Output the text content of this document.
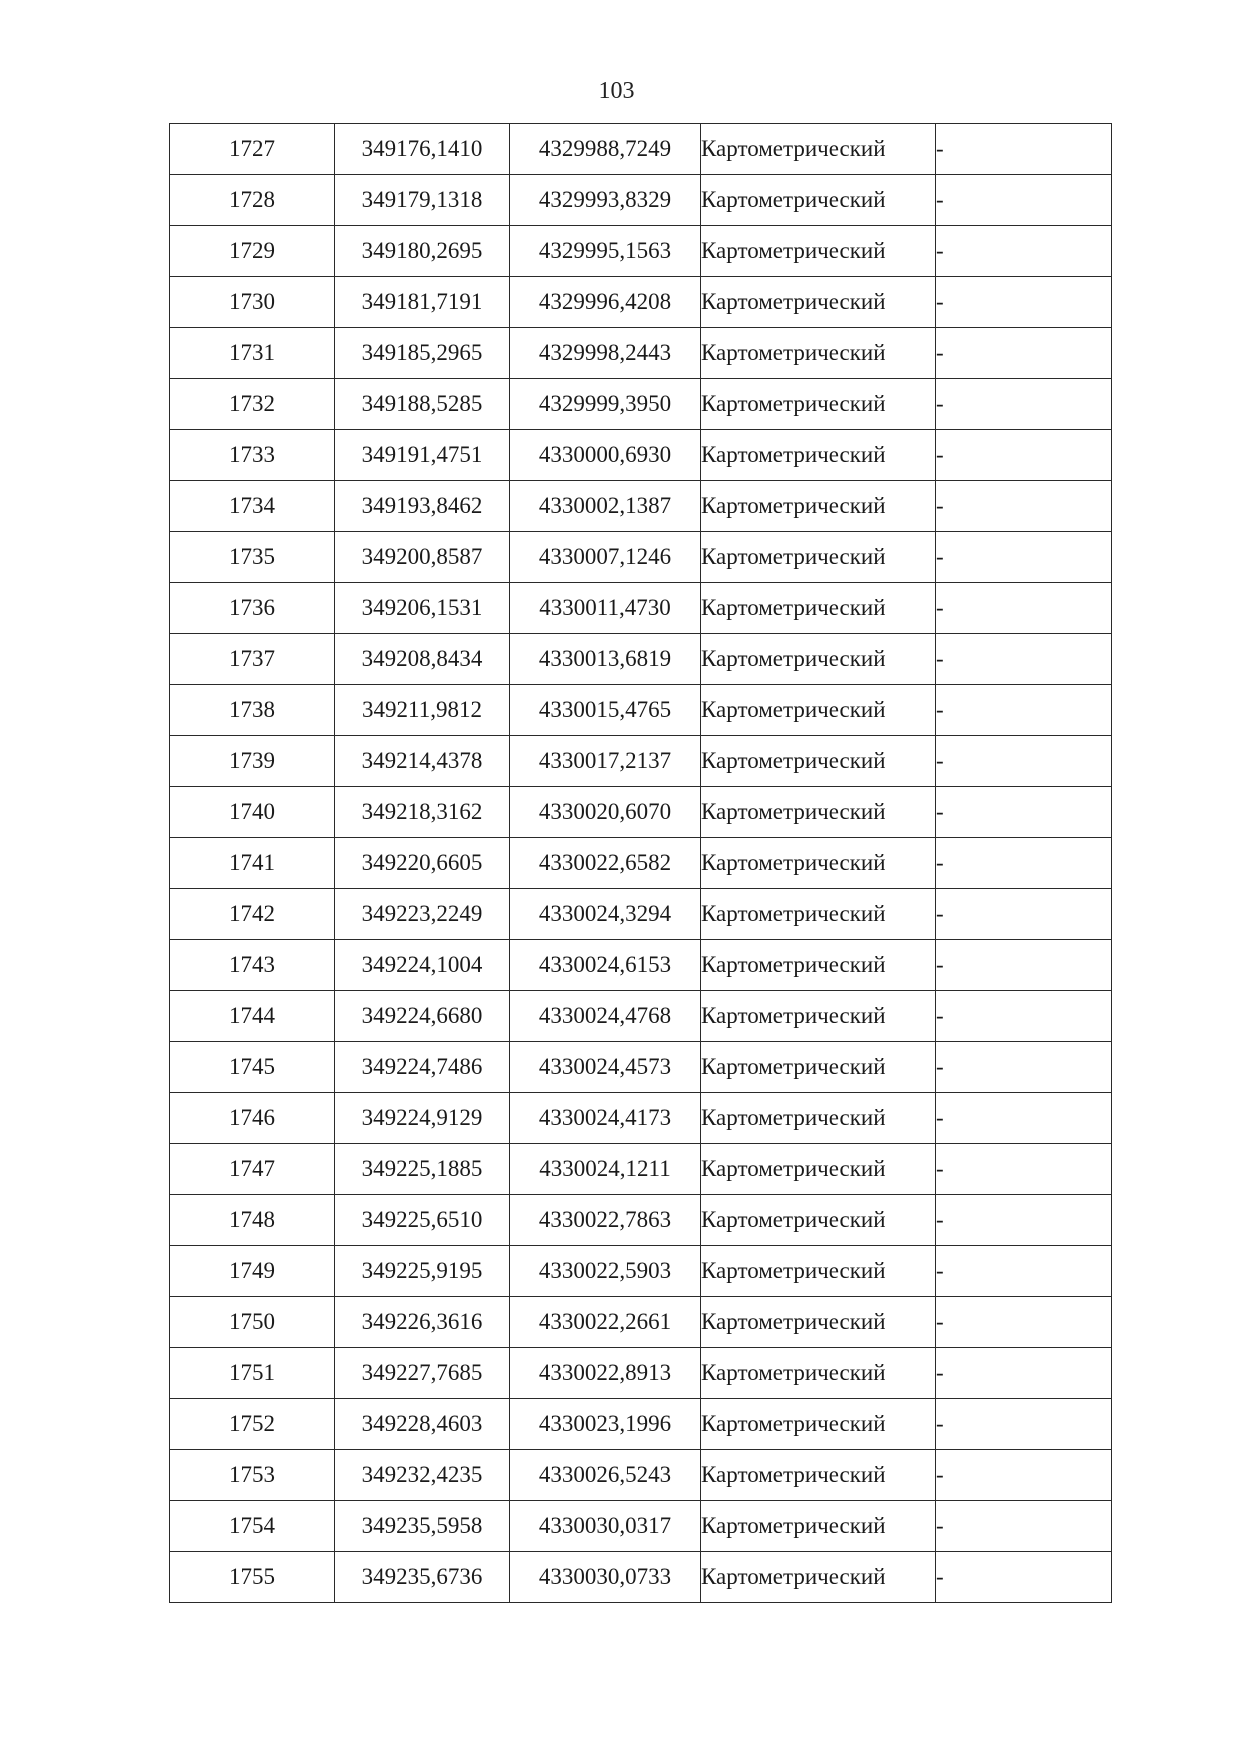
103
1727	349176,1410	4329988,7249	Картометрический	-
1728	349179,1318	4329993,8329	Картометрический	-
1729	349180,2695	4329995,1563	Картометрический	-
1730	349181,7191	4329996,4208	Картометрический	-
1731	349185,2965	4329998,2443	Картометрический	-
1732	349188,5285	4329999,3950	Картометрический	-
1733	349191,4751	4330000,6930	Картометрический	-
1734	349193,8462	4330002,1387	Картометрический	-
1735	349200,8587	4330007,1246	Картометрический	-
1736	349206,1531	4330011,4730	Картометрический	-
1737	349208,8434	4330013,6819	Картометрический	-
1738	349211,9812	4330015,4765	Картометрический	-
1739	349214,4378	4330017,2137	Картометрический	-
1740	349218,3162	4330020,6070	Картометрический	-
1741	349220,6605	4330022,6582	Картометрический	-
1742	349223,2249	4330024,3294	Картометрический	-
1743	349224,1004	4330024,6153	Картометрический	-
1744	349224,6680	4330024,4768	Картометрический	-
1745	349224,7486	4330024,4573	Картометрический	-
1746	349224,9129	4330024,4173	Картометрический	-
1747	349225,1885	4330024,1211	Картометрический	-
1748	349225,6510	4330022,7863	Картометрический	-
1749	349225,9195	4330022,5903	Картометрический	-
1750	349226,3616	4330022,2661	Картометрический	-
1751	349227,7685	4330022,8913	Картометрический	-
1752	349228,4603	4330023,1996	Картометрический	-
1753	349232,4235	4330026,5243	Картометрический	-
1754	349235,5958	4330030,0317	Картометрический	-
1755	349235,6736	4330030,0733	Картометрический	-
